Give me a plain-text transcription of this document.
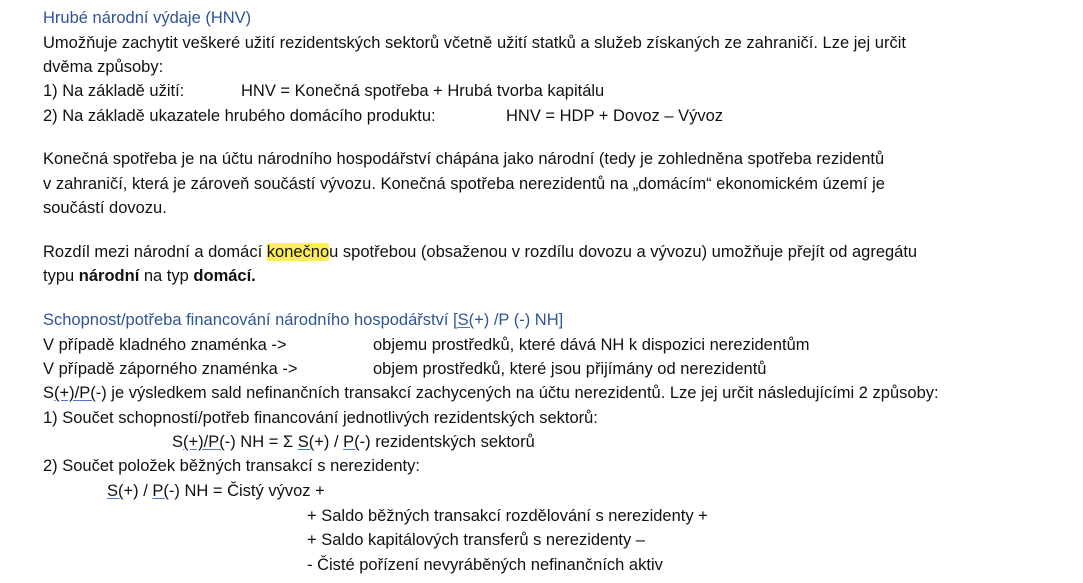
Hrubé národní výdaje (HNV)
Umožňuje zachytit veškeré užití rezidentských sektorů včetně užití statků a služeb získaných ze zahraničí. Lze jej určit
dvěma způsoby:
1) Na základě užití:	HNV = Konečná spotřeba + Hrubá tvorba kapitálu
2) Na základě ukazatele hrubého domácího produktu:	HNV = HDP + Dovoz – Vývoz
Konečná spotřeba je na účtu národního hospodářství chápána jako národní (tedy je zohledněna spotřeba rezidentů
v zahraničí, která je zároveň součástí vývozu. Konečná spotřeba nerezidentů na „domácím“ ekonomickém území je
součástí dovozu.
Rozdíl mezi národní a domácí konečnou spotřebou (obsaženou v rozdílu dovozu a vývozu) umožňuje přejít od agregátu
typu národní na typ domácí.
Schopnost/potřeba financování národního hospodářství [S(+) /P (-) NH]
V případě kladného znaménka ->	objemu prostředků, které dává NH k dispozici nerezidentům
V případě záporného znaménka ->	objem prostředků, které jsou přijímány od nerezidentů
S(+)/P(-) je výsledkem sald nefinančních transakcí zachycených na účtu nerezidentů. Lze jej určit následujícími 2 způsoby:
1) Součet schopností/potřeb financování jednotlivých rezidentských sektorů:
S(+)/P(-) NH = Σ S(+) / P(-) rezidentských sektorů
2) Součet položek běžných transakcí s nerezidenty:
S(+) / P(-) NH = Čistý vývoz +
+ Saldo běžných transakcí rozdělování s nerezidenty +
+ Saldo kapitálových transferů s nerezidenty –
- Čisté pořízení nevyráběných nefinančních aktiv
